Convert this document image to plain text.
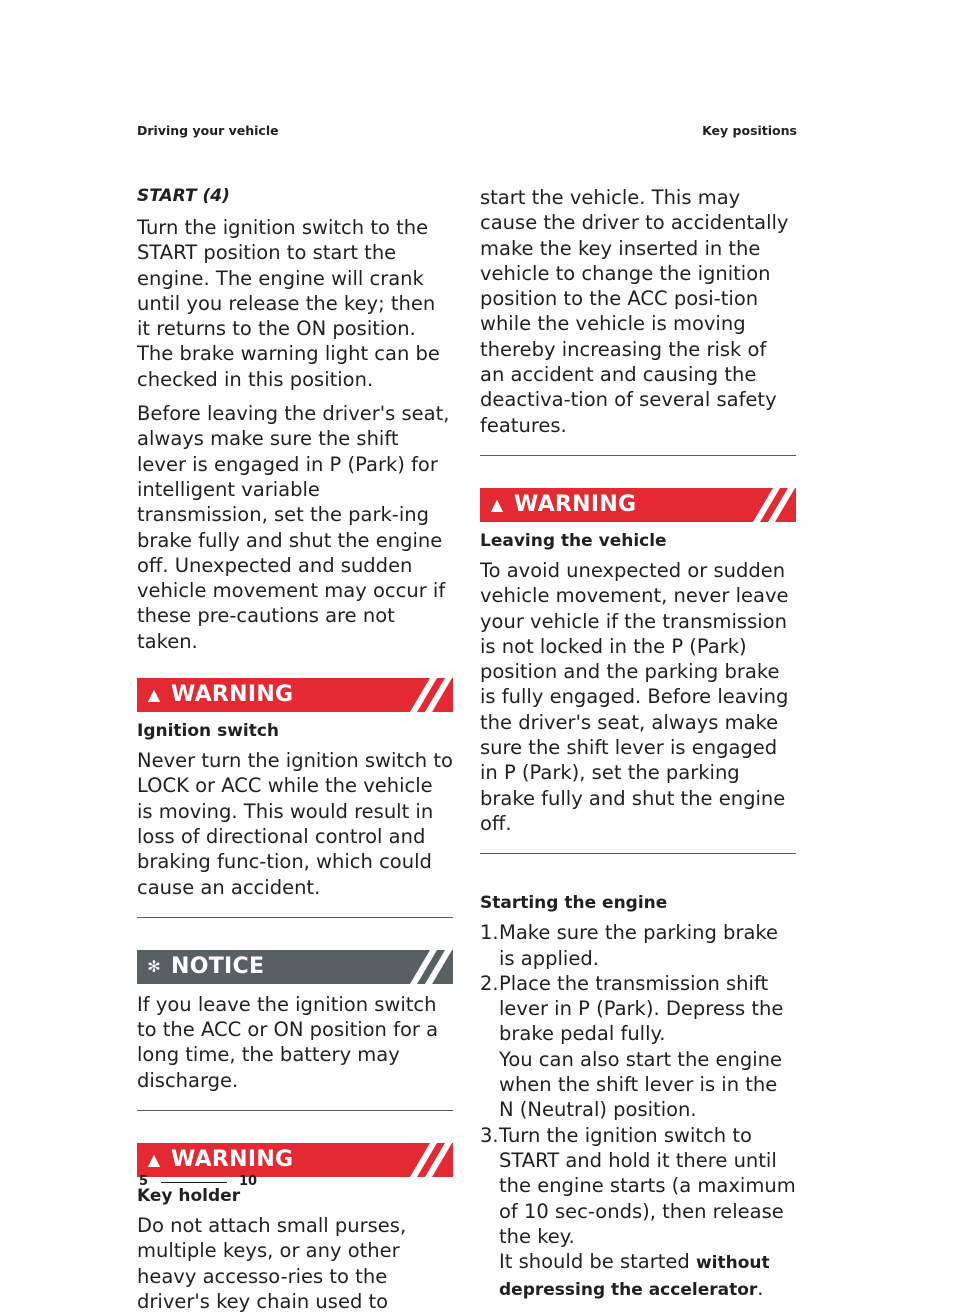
Driving your vehicle	Key positions
START (4)

Turn the ignition switch to the START position to start the engine. The engine will crank until you release the key; then it returns to the ON position. The brake warning light can be checked in this position.

Before leaving the driver's seat, always make sure the shift lever is engaged in P (Park) for intelligent variable transmission, set the park-ing brake fully and shut the engine off. Unexpected and sudden vehicle movement may occur if these pre-cautions are not taken.

▲ WARNING
Ignition switch

Never turn the ignition switch to LOCK or ACC while the vehicle is moving. This would result in loss of directional control and braking func-tion, which could cause an accident.

✻ NOTICE

If you leave the ignition switch to the ACC or ON position for a long time, the battery may discharge.

▲ WARNING
Key holder

Do not attach small purses, multiple keys, or any other heavy accesso-ries to the driver's key chain used to

start the vehicle. This may cause the driver to accidentally make the key inserted in the vehicle to change the ignition position to the ACC posi-tion while the vehicle is moving thereby increasing the risk of an accident and causing the deactiva-tion of several safety features.

▲ WARNING
Leaving the vehicle

To avoid unexpected or sudden vehicle movement, never leave your vehicle if the transmission is not locked in the P (Park) position and the parking brake is fully engaged. Before leaving the driver's seat, always make sure the shift lever is engaged in P (Park), set the parking brake fully and shut the engine off.

Starting the engine
1. Make sure the parking brake is applied.

2. Place the transmission shift lever in P (Park). Depress the brake pedal fully.

You can also start the engine when the shift lever is in the N (Neutral) position.

3. Turn the ignition switch to START and hold it there until the engine starts (a maximum of 10 sec-onds), then release the key.

It should be started without depressing the accelerator.

5	10
